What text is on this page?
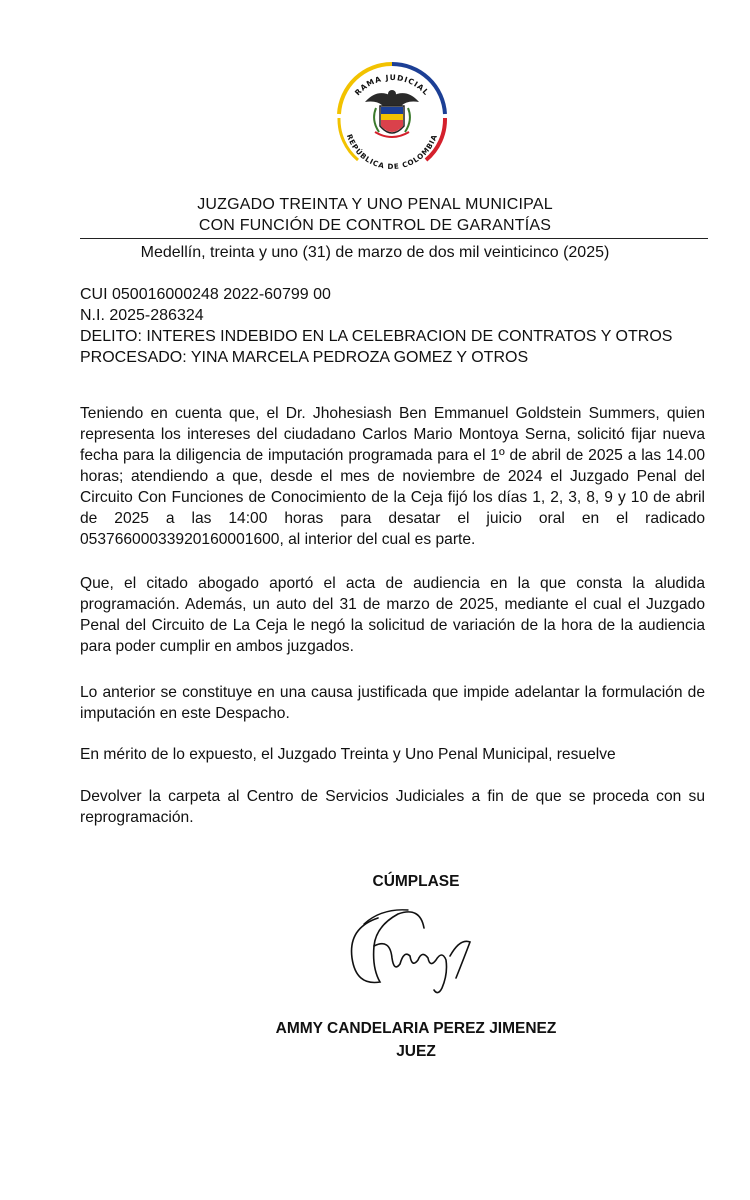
RAMA JUDICIAL
REPÚBLICA DE COLOMBIA
JUZGADO TREINTA Y UNO PENAL MUNICIPAL
CON FUNCIÓN DE CONTROL DE GARANTÍAS
Medellín, treinta y uno (31) de marzo de dos mil veinticinco (2025)
CUI 050016000248 2022-60799 00
N.I. 2025-286324
DELITO: INTERES INDEBIDO EN LA CELEBRACION DE CONTRATOS Y OTROS
PROCESADO: YINA MARCELA PEDROZA GOMEZ Y OTROS

Teniendo en cuenta que, el Dr. Jhohesiash Ben Emmanuel Goldstein Summers, quien representa los intereses del ciudadano Carlos Mario Montoya Serna, solicitó fijar nueva fecha para la diligencia de imputación programada para el 1º de abril de 2025 a las 14.00 horas; atendiendo a que, desde el mes de noviembre de 2024 el Juzgado Penal del Circuito Con Funciones de Conocimiento de la Ceja fijó los días 1, 2, 3, 8, 9 y 10 de abril de 2025 a las 14:00 horas para desatar el juicio oral en el radicado 053766000339201600016​00, al interior del cual es parte.

Que, el citado abogado aportó el acta de audiencia en la que consta la aludida programación. Además, un auto del 31 de marzo de 2025, mediante el cual el Juzgado Penal del Circuito de La Ceja le negó la solicitud de variación de la hora de la audiencia para poder cumplir en ambos juzgados.

Lo anterior se constituye en una causa justificada que impide adelantar la formulación de imputación en este Despacho.

En mérito de lo expuesto, el Juzgado Treinta y Uno Penal Municipal, resuelve

Devolver la carpeta al Centro de Servicios Judiciales a fin de que se proceda con su reprogramación.

CÚMPLASE
AMMY CANDELARIA PEREZ JIMENEZ
JUEZ
